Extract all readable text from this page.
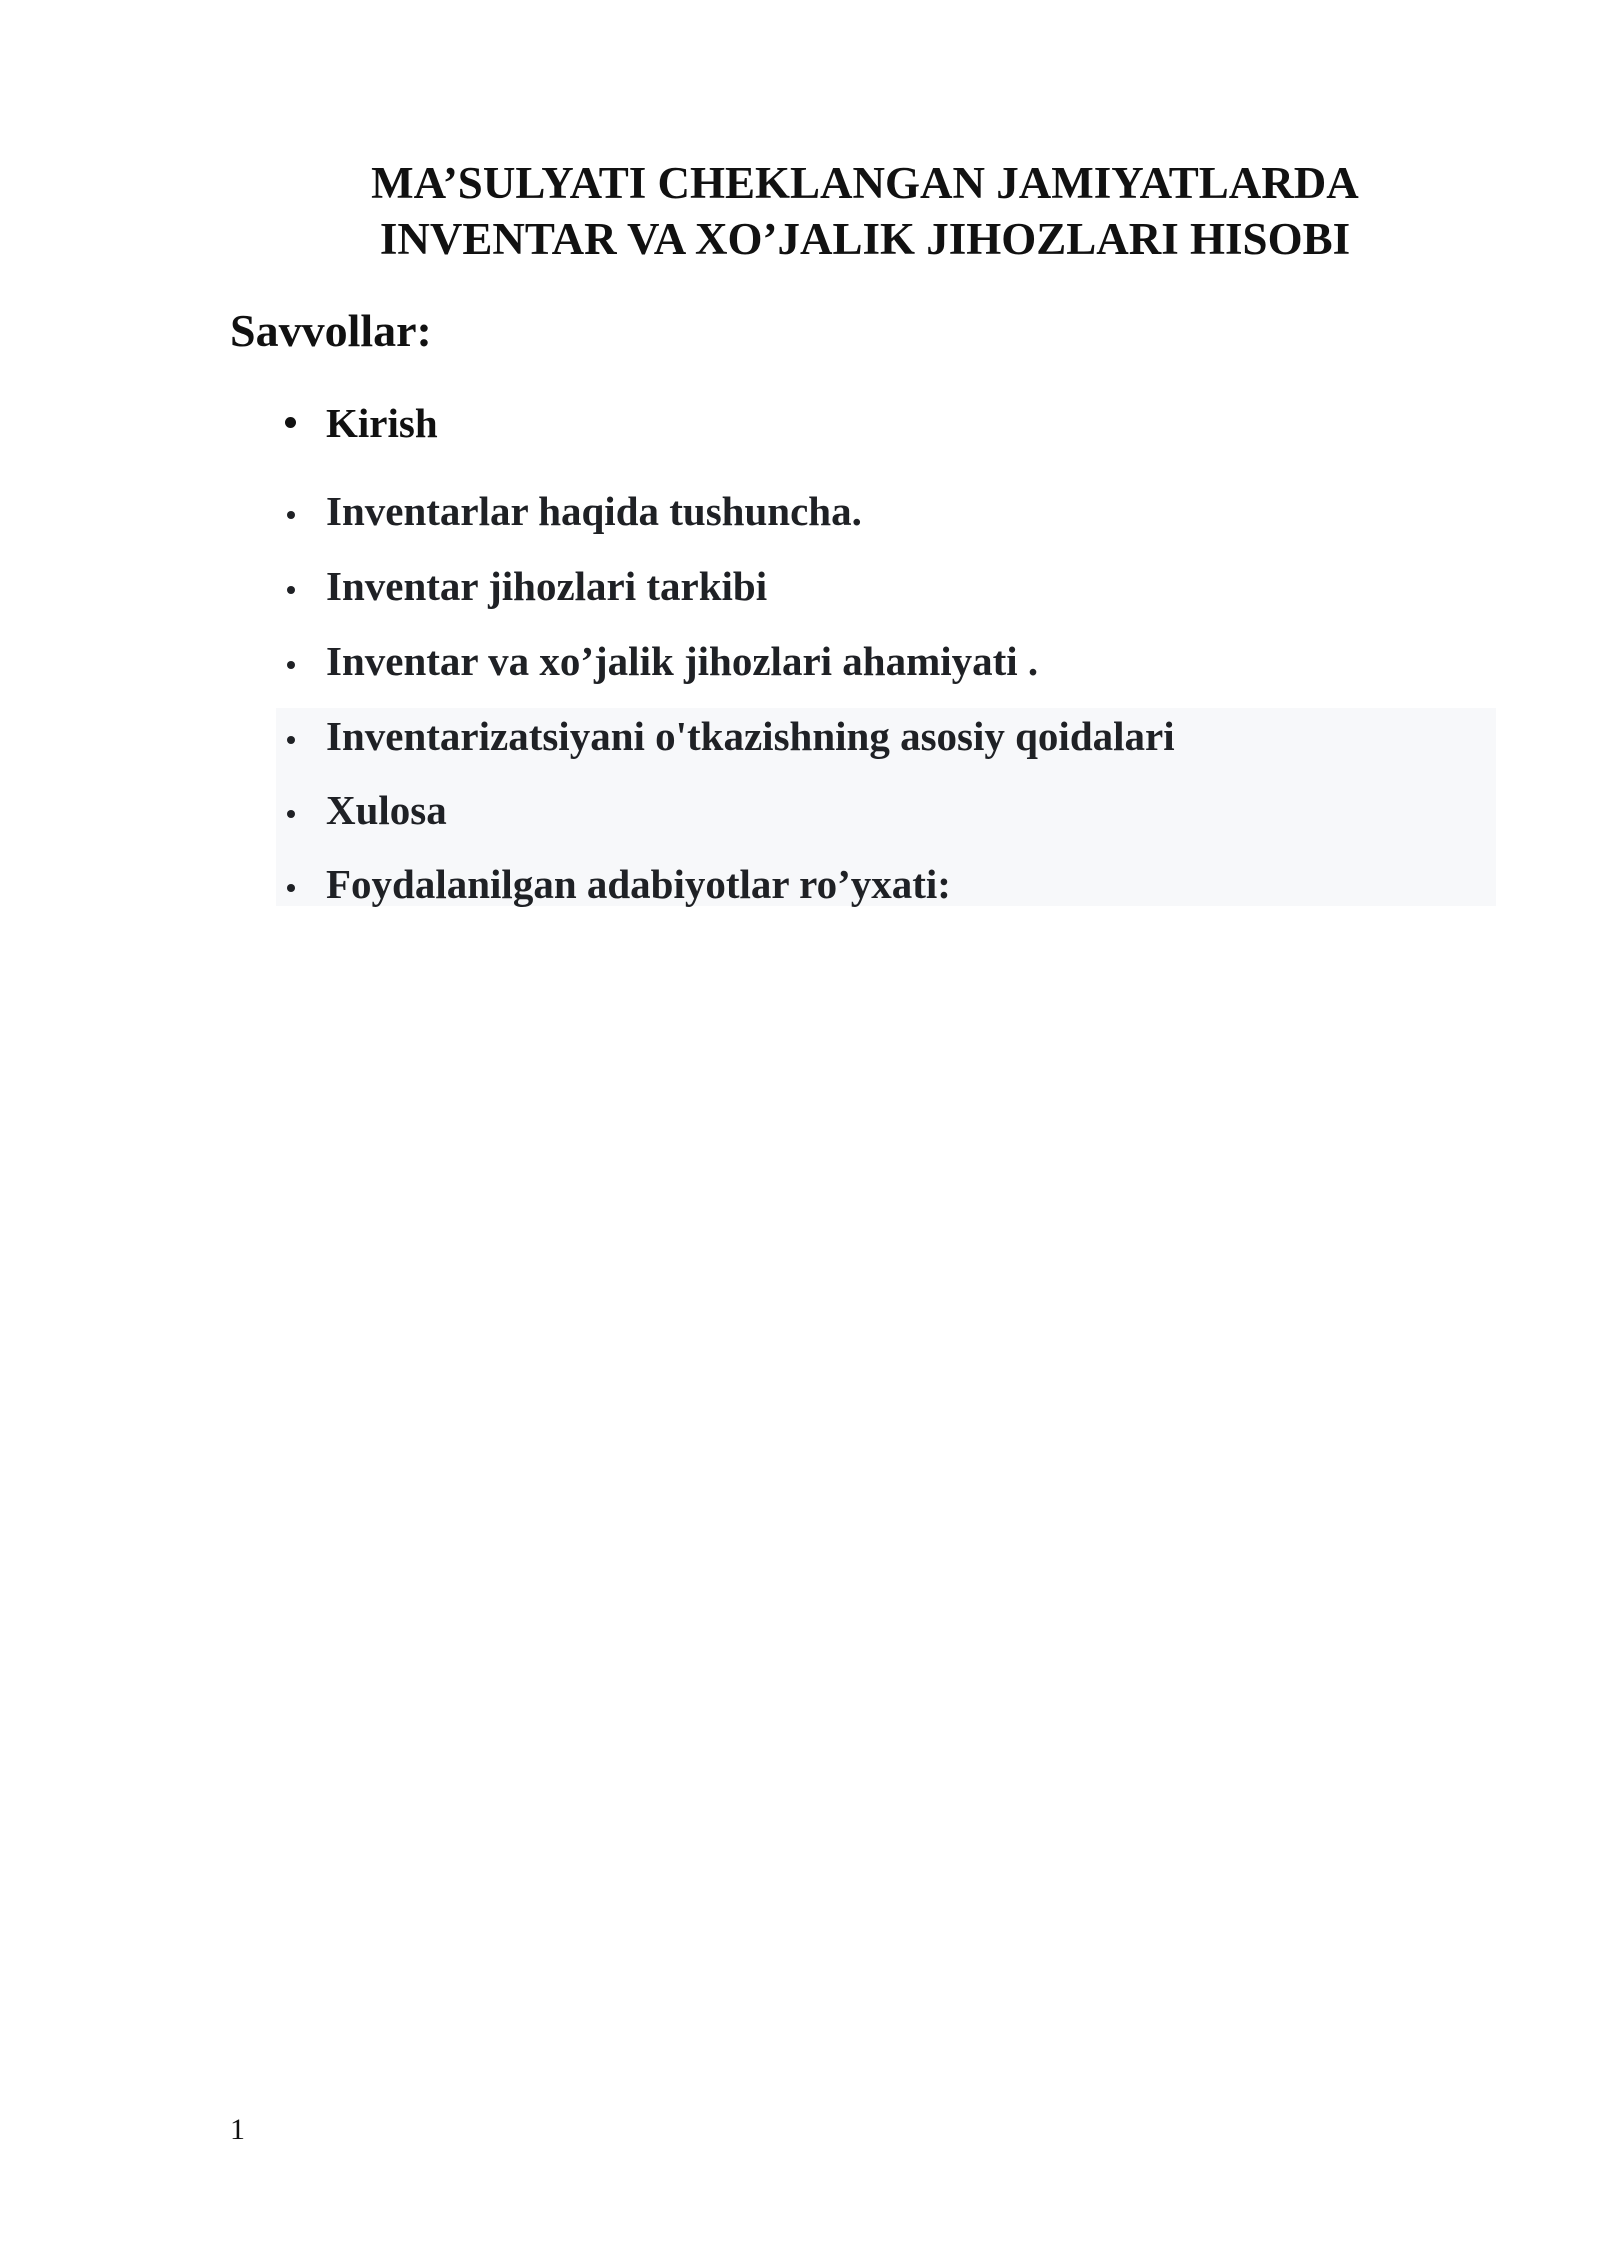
MA’SULYATI CHEKLANGAN JAMIYATLARDA
INVENTAR VA XO’JALIK JIHOZLARI HISOBI
Savvollar:
Kirish
Inventarlar haqida tushuncha.
Inventar jihozlari tarkibi
Inventar va xo’jalik jihozlari ahamiyati .
Inventarizatsiyani o'tkazishning asosiy qoidalari
Xulosa
Foydalanilgan adabiyotlar ro’yxati:
1
